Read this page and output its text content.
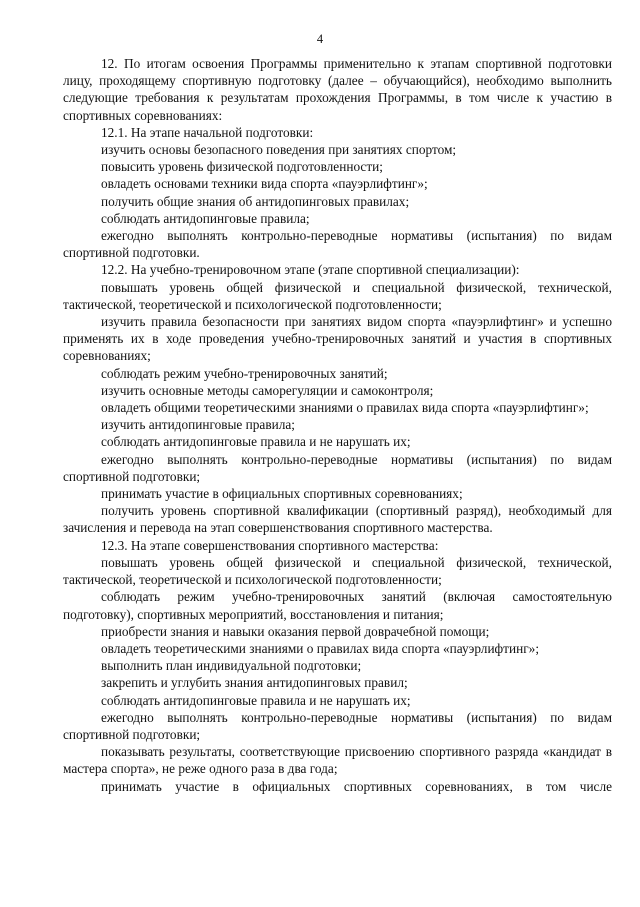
4

12. По итогам освоения Программы применительно к этапам спортивной подготовки лицу, проходящему спортивную подготовку (далее – обучающийся), необходимо выполнить следующие требования к результатам прохождения Программы, в том числе к участию в спортивных соревнованиях:

12.1. На этапе начальной подготовки:

изучить основы безопасного поведения при занятиях спортом;

повысить уровень физической подготовленности;

овладеть основами техники вида спорта «пауэрлифтинг»;

получить общие знания об антидопинговых правилах;

соблюдать антидопинговые правила;

ежегодно выполнять контрольно-переводные нормативы (испытания) по видам спортивной подготовки.

12.2. На учебно-тренировочном этапе (этапе спортивной специализации):

повышать уровень общей физической и специальной физической, технической, тактической, теоретической и психологической подготовленности;

изучить правила безопасности при занятиях видом спорта «пауэрлифтинг» и успешно применять их в ходе проведения учебно-тренировочных занятий и участия в спортивных соревнованиях;

соблюдать режим учебно-тренировочных занятий;

изучить основные методы саморегуляции и самоконтроля;

овладеть общими теоретическими знаниями о правилах вида спорта «пауэрлифтинг»;

изучить антидопинговые правила;

соблюдать антидопинговые правила и не нарушать их;

ежегодно выполнять контрольно-переводные нормативы (испытания) по видам спортивной подготовки;

принимать участие в официальных спортивных соревнованиях;

получить уровень спортивной квалификации (спортивный разряд), необходимый для зачисления и перевода на этап совершенствования спортивного мастерства.

12.3. На этапе совершенствования спортивного мастерства:

повышать уровень общей физической и специальной физической, технической, тактической, теоретической и психологической подготовленности;

соблюдать режим учебно-тренировочных занятий (включая самостоятельную подготовку), спортивных мероприятий, восстановления и питания;

приобрести знания и навыки оказания первой доврачебной помощи;

овладеть теоретическими знаниями о правилах вида спорта «пауэрлифтинг»;

выполнить план индивидуальной подготовки;

закрепить и углубить знания антидопинговых правил;

соблюдать антидопинговые правила и не нарушать их;

ежегодно выполнять контрольно-переводные нормативы (испытания) по видам спортивной подготовки;

показывать результаты, соответствующие присвоению спортивного разряда «кандидат в мастера спорта», не реже одного раза в два года;

принимать участие в официальных спортивных соревнованиях, в том числе
